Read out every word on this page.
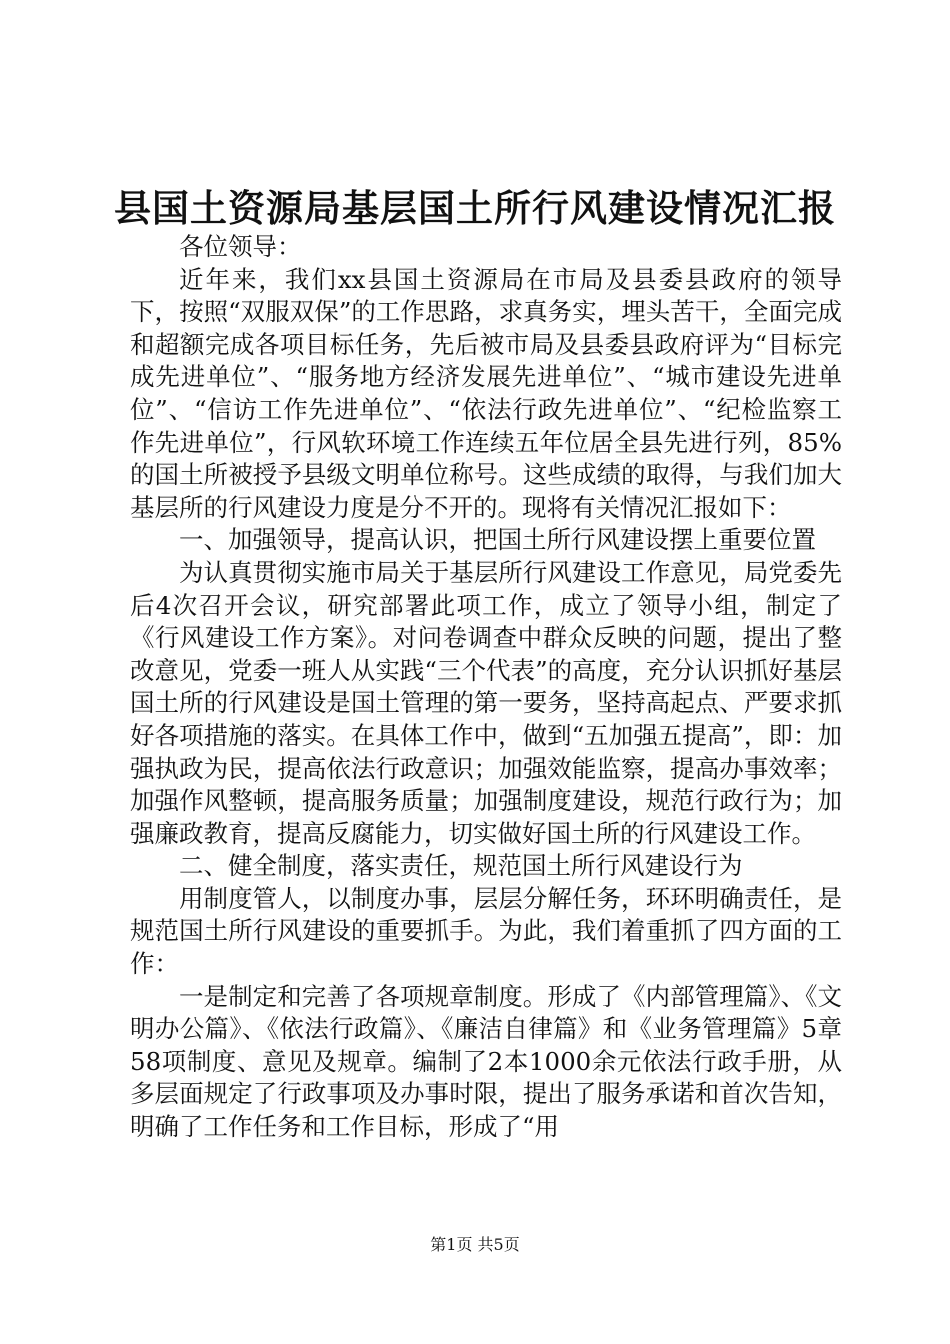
县国土资源局基层国土所行风建设情况汇报

各位领导：

近年来，我们xx县国土资源局在市局及县委县政府的领导下，按照“双服双保”的工作思路，求真务实，埋头苦干，全面完成和超额完成各项目标任务，先后被市局及县委县政府评为“目标完成先进单位”、“服务地方经济发展先进单位”、“城市建设先进单位”、“信访工作先进单位”、“依法行政先进单位”、“纪检监察工作先进单位”，行风软环境工作连续五年位居全县先进行列，85%的国土所被授予县级文明单位称号。这些成绩的取得，与我们加大基层所的行风建设力度是分不开的。现将有关情况汇报如下：

一、加强领导，提高认识，把国土所行风建设摆上重要位置

为认真贯彻实施市局关于基层所行风建设工作意见，局党委先后4次召开会议，研究部署此项工作，成立了领导小组，制定了《行风建设工作方案》。对问卷调查中群众反映的问题，提出了整改意见，党委一班人从实践“三个代表”的高度，充分认识抓好基层国土所的行风建设是国土管理的第一要务，坚持高起点、严要求抓好各项措施的落实。在具体工作中，做到“五加强五提高”，即：加强执政为民，提高依法行政意识；加强效能监察，提高办事效率；加强作风整顿，提高服务质量；加强制度建设，规范行政行为；加强廉政教育，提高反腐能力，切实做好国土所的行风建设工作。

二、健全制度，落实责任，规范国土所行风建设行为

用制度管人，以制度办事，层层分解任务，环环明确责任，是规范国土所行风建设的重要抓手。为此，我们着重抓了四方面的工作：

一是制定和完善了各项规章制度。形成了《内部管理篇》、《文明办公篇》、《依法行政篇》、《廉洁自律篇》和《业务管理篇》5章58项制度、意见及规章。编制了2本1000余元依法行政手册，从多层面规定了行政事项及办事时限，提出了服务承诺和首次告知，明确了工作任务和工作目标，形成了“用

第1页 共5页
